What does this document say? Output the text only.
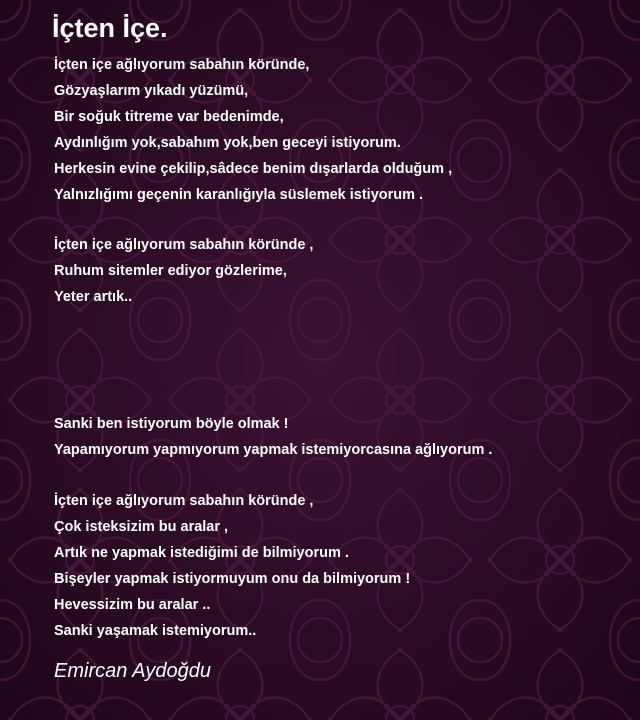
İçten İçe.
İçten içe ağlıyorum sabahın köründe,
Gözyaşlarım yıkadı yüzümü,
Bir soğuk titreme var bedenimde,
Aydınlığım yok,sabahım yok,ben geceyi istiyorum.
Herkesin evine çekilip,sâdece benim dışarlarda olduğum ,
Yalnızlığımı geçenin karanlığıyla süslemek istiyorum .
İçten içe ağlıyorum sabahın köründe ,
Ruhum sitemler ediyor gözlerime,
Yeter artık..
Sanki ben istiyorum böyle olmak !
Yapamıyorum yapmıyorum yapmak istemiyorcasına ağlıyorum .
İçten içe ağlıyorum sabahın köründe ,
Çok isteksizim bu aralar ,
Artık ne yapmak istediğimi de bilmiyorum .
Bişeyler yapmak istiyormuyum onu da bilmiyorum !
Hevessizim bu aralar ..
Sanki yaşamak istemiyorum..

Emircan Aydoğdu
